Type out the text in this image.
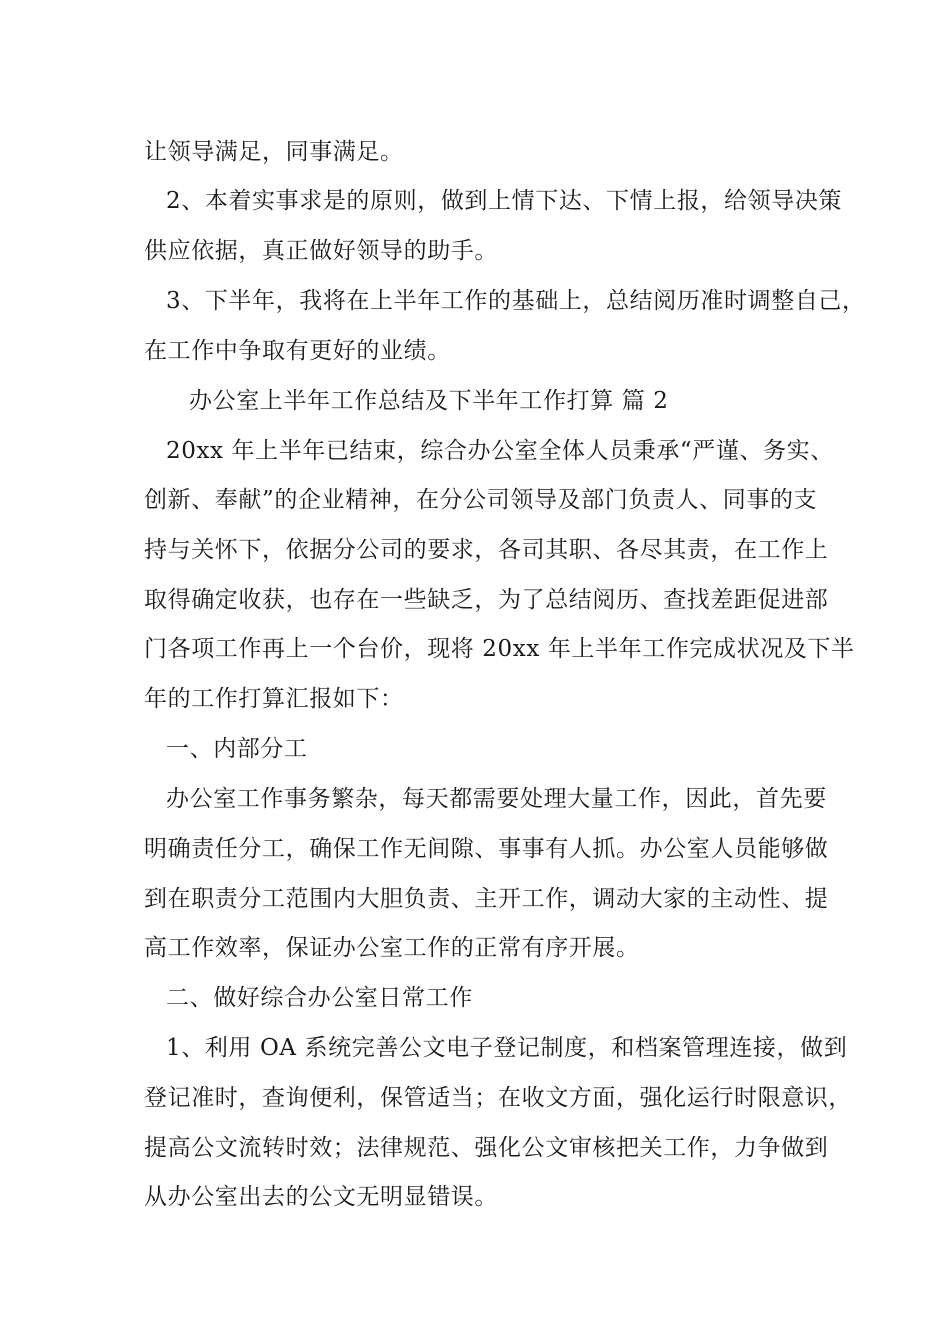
让领导满足，同事满足。
2、本着实事求是的原则，做到上情下达、下情上报，给领导决策
供应依据，真正做好领导的助手。
3、下半年，我将在上半年工作的基础上，总结阅历准时调整自己，
在工作中争取有更好的业绩。
办公室上半年工作总结及下半年工作打算 篇 2
20xx 年上半年已结束，综合办公室全体人员秉承“严谨、务实、
创新、奉献”的企业精神，在分公司领导及部门负责人、同事的支
持与关怀下，依据分公司的要求，各司其职、各尽其责，在工作上
取得确定收获，也存在一些缺乏，为了总结阅历、查找差距促进部
门各项工作再上一个台价，现将 20xx 年上半年工作完成状况及下半
年的工作打算汇报如下：
一、内部分工
办公室工作事务繁杂，每天都需要处理大量工作，因此，首先要
明确责任分工，确保工作无间隙、事事有人抓。办公室人员能够做
到在职责分工范围内大胆负责、主开工作，调动大家的主动性、提
高工作效率，保证办公室工作的正常有序开展。
二、做好综合办公室日常工作
1、利用 OA 系统完善公文电子登记制度，和档案管理连接，做到
登记准时，查询便利，保管适当；在收文方面，强化运行时限意识，
提高公文流转时效；法律规范、强化公文审核把关工作，力争做到
从办公室出去的公文无明显错误。
